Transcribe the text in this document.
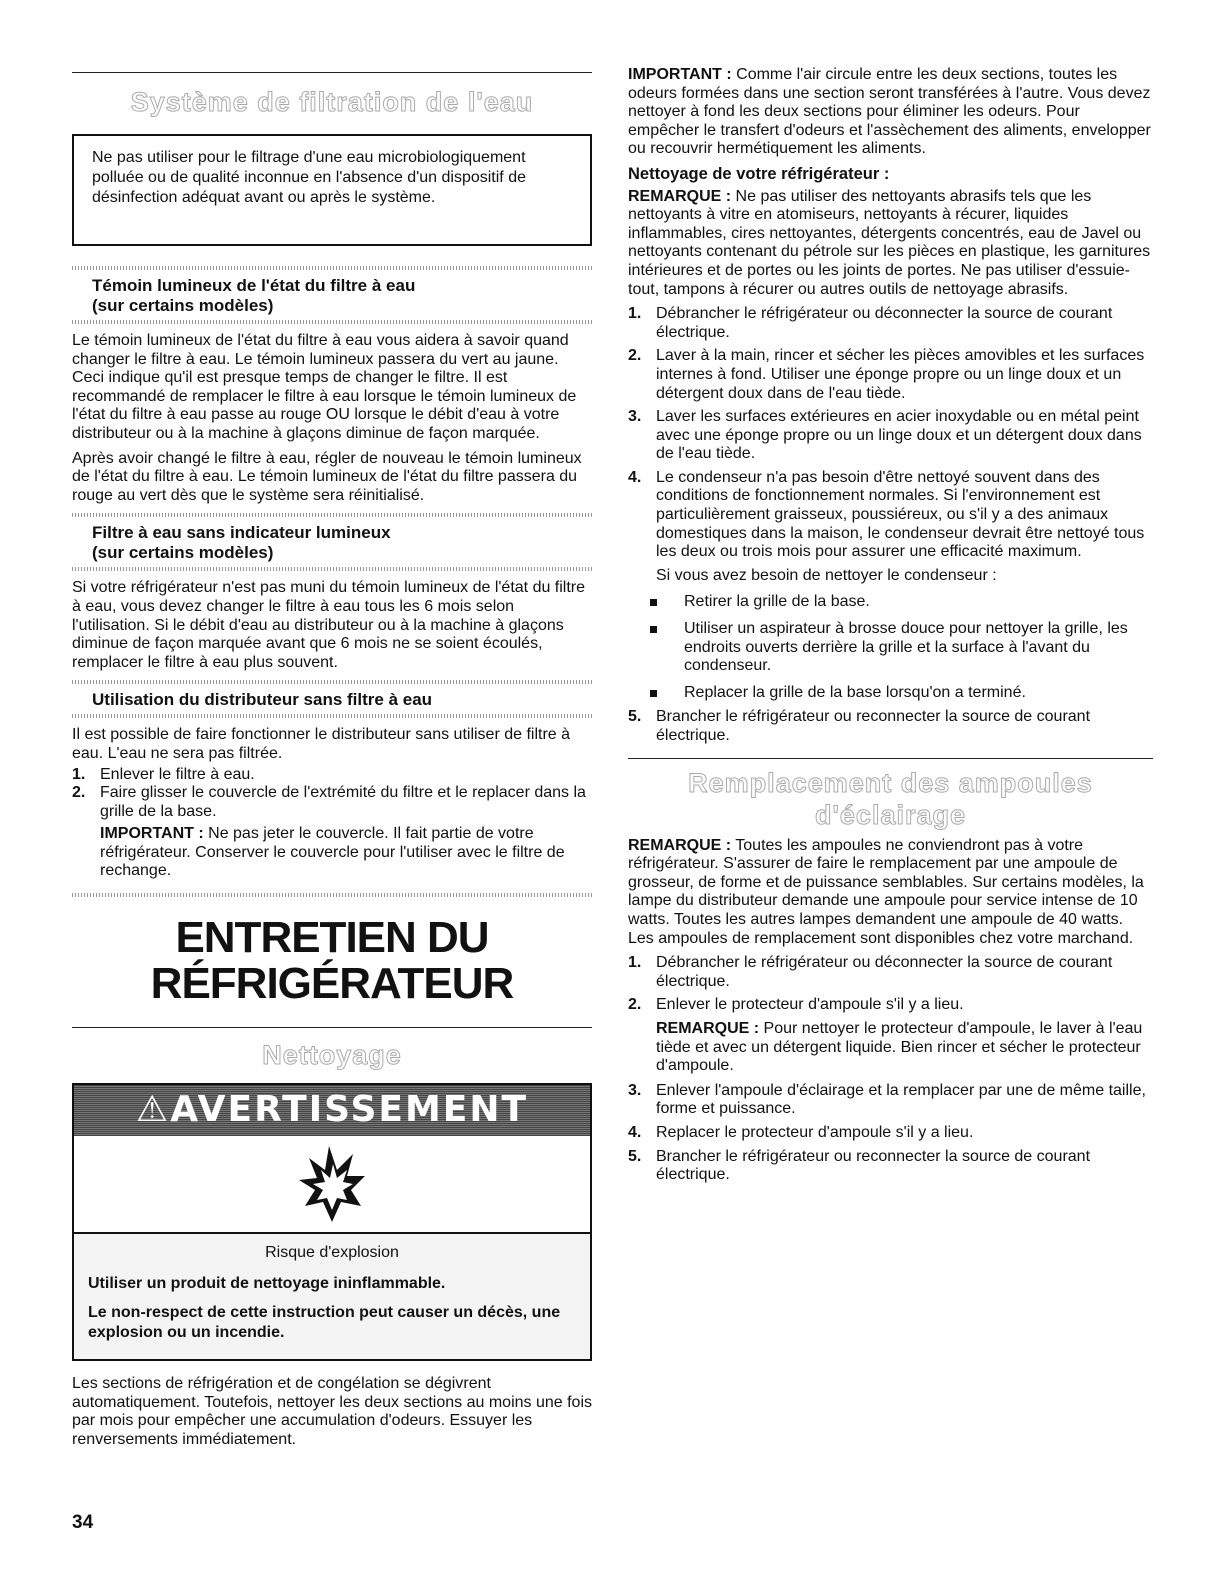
Système de filtration de l'eau

Ne pas utiliser pour le filtrage d'une eau microbiologiquement polluée ou de qualité inconnue en l'absence d'un dispositif de désinfection adéquat avant ou après le système.

Témoin lumineux de l'état du filtre à eau
(sur certains modèles)

Le témoin lumineux de l'état du filtre à eau vous aidera à savoir quand changer le filtre à eau. Le témoin lumineux passera du vert au jaune. Ceci indique qu'il est presque temps de changer le filtre. Il est recommandé de remplacer le filtre à eau lorsque le témoin lumineux de l'état du filtre à eau passe au rouge OU lorsque le débit d'eau à votre distributeur ou à la machine à glaçons diminue de façon marquée.

Après avoir changé le filtre à eau, régler de nouveau le témoin lumineux de l'état du filtre à eau. Le témoin lumineux de l'état du filtre passera du rouge au vert dès que le système sera réinitialisé.

Filtre à eau sans indicateur lumineux
(sur certains modèles)

Si votre réfrigérateur n'est pas muni du témoin lumineux de l'état du filtre à eau, vous devez changer le filtre à eau tous les 6 mois selon l'utilisation. Si le débit d'eau au distributeur ou à la machine à glaçons diminue de façon marquée avant que 6 mois ne se soient écoulés, remplacer le filtre à eau plus souvent.

Utilisation du distributeur sans filtre à eau

Il est possible de faire fonctionner le distributeur sans utiliser de filtre à eau. L'eau ne sera pas filtrée.

1. Enlever le filtre à eau.
2. Faire glisser le couvercle de l'extrémité du filtre et le replacer dans la grille de la base.

IMPORTANT : Ne pas jeter le couvercle. Il fait partie de votre réfrigérateur. Conserver le couvercle pour l'utiliser avec le filtre de rechange.

ENTRETIEN DU
RÉFRIGÉRATEUR
Nettoyage
⚠AVERTISSEMENT

Risque d'explosion

Utiliser un produit de nettoyage ininflammable.

Le non-respect de cette instruction peut causer un décès, une explosion ou un incendie.

Les sections de réfrigération et de congélation se dégivrent automatiquement. Toutefois, nettoyer les deux sections au moins une fois par mois pour empêcher une accumulation d'odeurs. Essuyer les renversements immédiatement.

34

IMPORTANT : Comme l'air circule entre les deux sections, toutes les odeurs formées dans une section seront transférées à l'autre. Vous devez nettoyer à fond les deux sections pour éliminer les odeurs. Pour empêcher le transfert d'odeurs et l'assèchement des aliments, envelopper ou recouvrir hermétiquement les aliments.

Nettoyage de votre réfrigérateur :

REMARQUE : Ne pas utiliser des nettoyants abrasifs tels que les nettoyants à vitre en atomiseurs, nettoyants à récurer, liquides inflammables, cires nettoyantes, détergents concentrés, eau de Javel ou nettoyants contenant du pétrole sur les pièces en plastique, les garnitures intérieures et de portes ou les joints de portes. Ne pas utiliser d'essuie-tout, tampons à récurer ou autres outils de nettoyage abrasifs.

1. Débrancher le réfrigérateur ou déconnecter la source de courant électrique.
2. Laver à la main, rincer et sécher les pièces amovibles et les surfaces internes à fond. Utiliser une éponge propre ou un linge doux et un détergent doux dans de l'eau tiède.
3. Laver les surfaces extérieures en acier inoxydable ou en métal peint avec une éponge propre ou un linge doux et un détergent doux dans de l'eau tiède.
4. Le condenseur n'a pas besoin d'être nettoyé souvent dans des conditions de fonctionnement normales. Si l'environnement est particulièrement graisseux, poussiéreux, ou s'il y a des animaux domestiques dans la maison, le condenseur devrait être nettoyé tous les deux ou trois mois pour assurer une efficacité maximum.

Si vous avez besoin de nettoyer le condenseur :

Retirer la grille de la base.
Utiliser un aspirateur à brosse douce pour nettoyer la grille, les endroits ouverts derrière la grille et la surface à l'avant du condenseur.
Replacer la grille de la base lorsqu'on a terminé.
5. Brancher le réfrigérateur ou reconnecter la source de courant électrique.
Remplacement des ampoules
d'éclairage

REMARQUE : Toutes les ampoules ne conviendront pas à votre réfrigérateur. S'assurer de faire le remplacement par une ampoule de grosseur, de forme et de puissance semblables. Sur certains modèles, la lampe du distributeur demande une ampoule pour service intense de 10 watts. Toutes les autres lampes demandent une ampoule de 40 watts. Les ampoules de remplacement sont disponibles chez votre marchand.

1. Débrancher le réfrigérateur ou déconnecter la source de courant électrique.
2. Enlever le protecteur d'ampoule s'il y a lieu.

REMARQUE : Pour nettoyer le protecteur d'ampoule, le laver à l'eau tiède et avec un détergent liquide. Bien rincer et sécher le protecteur d'ampoule.

3. Enlever l'ampoule d'éclairage et la remplacer par une de même taille, forme et puissance.
4. Replacer le protecteur d'ampoule s'il y a lieu.
5. Brancher le réfrigérateur ou reconnecter la source de courant électrique.
